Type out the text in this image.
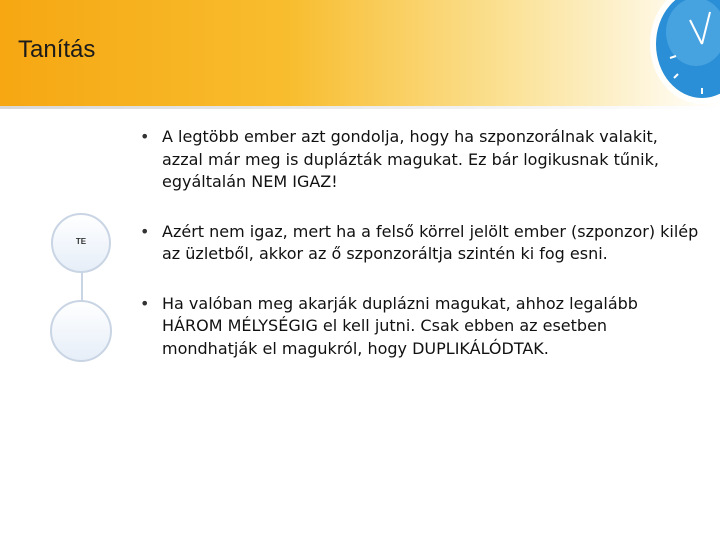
Tanítás
TE
• A legtöbb ember azt gondolja, hogy ha szponzorálnak valakit, azzal már meg is duplázták magukat. Ez bár logikusnak tűnik, egyáltalán NEM IGAZ!
• Azért nem igaz, mert ha a felső körrel jelölt ember (szponzor) kilép az üzletből, akkor az ő szponzoráltja szintén ki fog esni.
• Ha valóban meg akarják duplázni magukat, ahhoz legalább HÁROM MÉLYSÉGIG el kell jutni. Csak ebben az esetben mondhatják el magukról, hogy DUPLIKÁLÓDTAK.
